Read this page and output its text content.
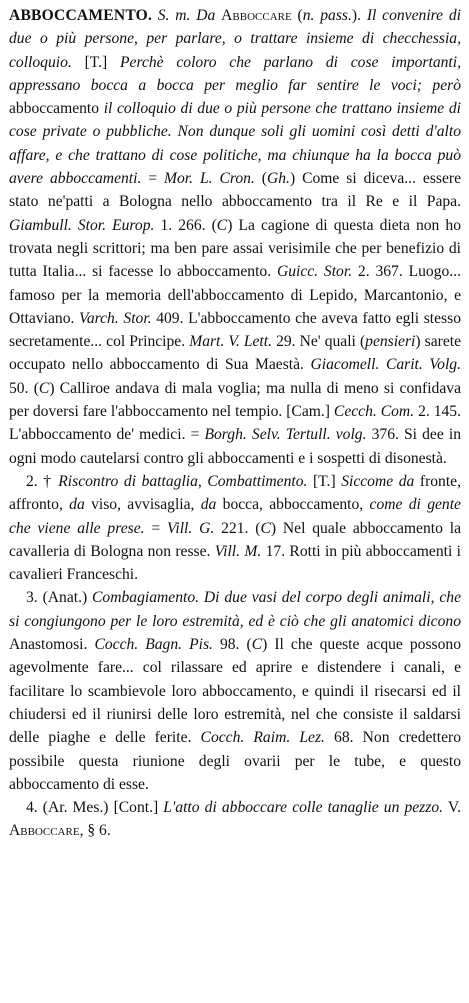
ABBOCCAMENTO. S. m. Da Abboccare (n. pass.). Il convenire di due o più persone, per parlare, o trattare insieme di checchessia, colloquio. [T.] Perchè coloro che parlano di cose importanti, appressano bocca a bocca per meglio far sentire le voci; però abboccamento il colloquio di due o più persone che trattano insieme di cose private o pubbliche. Non dunque soli gli uomini così detti d'alto affare, e che trattano di cose politiche, ma chiunque ha la bocca può avere abboccamenti. = Mor. L. Cron. (Gh.) Come si diceva... essere stato ne'patti a Bologna nello abboccamento tra il Re e il Papa. Giambull. Stor. Europ. 1. 266. (C) La cagione di questa dieta non ho trovata negli scrittori; ma ben pare assai verisimile che per benefizio di tutta Italia... si facesse lo abboccamento. Guicc. Stor. 2. 367. Luogo... famoso per la memoria dell'abboccamento di Lepido, Marcantonio, e Ottaviano. Varch. Stor. 409. L'abboccamento che aveva fatto egli stesso secretamente... col Principe. Mart. V. Lett. 29. Ne' quali (pensieri) sarete occupato nello abboccamento di Sua Maestà. Giacomell. Carit. Volg. 50. (C) Calliroe andava di mala voglia; ma nulla di meno si confidava per doversi fare l'abboccamento nel tempio. [Cam.] Cecch. Com. 2. 145. L'abboccamento de' medici. = Borgh. Selv. Tertull. volg. 376. Si dee in ogni modo cautelarsi contro gli abboccamenti e i sospetti di disonestà.

2. † Riscontro di battaglia, Combattimento. [T.] Siccome da fronte, affronto, da viso, avvisaglia, da bocca, abboccamento, come di gente che viene alle prese. = Vill. G. 221. (C) Nel quale abboccamento la cavalleria di Bologna non resse. Vill. M. 17. Rotti in più abboccamenti i cavalieri Franceschi.

3. (Anat.) Combagiamento. Di due vasi del corpo degli animali, che si congiungono per le loro estremità, ed è ciò che gli anatomici dicono Anastomosi. Cocch. Bagn. Pis. 98. (C) Il che queste acque possono agevolmente fare... col rilassare ed aprire e distendere i canali, e facilitare lo scambievole loro abboccamento, e quindi il risecarsi ed il chiudersi ed il riunirsi delle loro estremità, nel che consiste il saldarsi delle piaghe e delle ferite. Cocch. Raim. Lez. 68. Non credettero possibile questa riunione degli ovarii per le tube, e questo abboccamento di esse.

4. (Ar. Mes.) [Cont.] L'atto di abboccare colle tanaglie un pezzo. V. Abboccare, § 6.
